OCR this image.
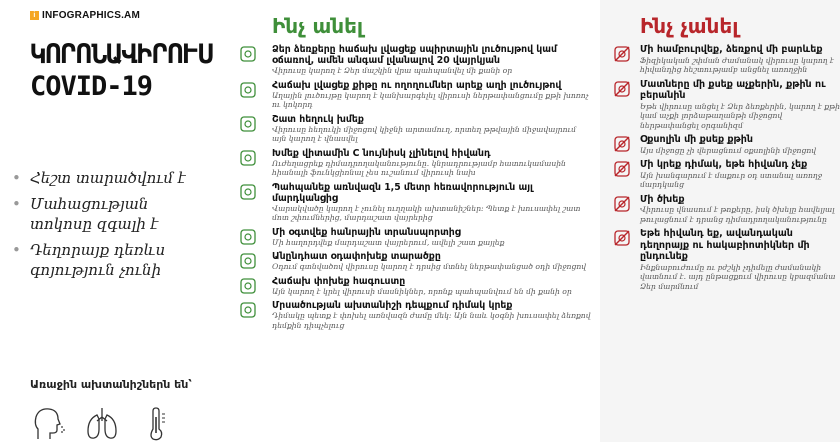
i INFOGRAPHICS.AM
ԿՈՐՈՆԱՎԻՐՈՒՍ
COVID-19
• Հեշտ տարածվում է
• Մահացության տոկոսը զգալի է
• Դեղորայք դեռևս գոյություն չունի
Առաջին ախտանիշներն են՝
Ինչ անել
Ձեր ձեռքերը հաճախ լվացեք սպիրտային լուծույթով կամ օճառով, ամեն անգամ լվանալով 20 վայրկյան
Վիրուսը կարող է Ձեր մաշկին վրա պահպանվել մի քանի օր
Հաճախ լվացեք քիթը ու ողողումներ արեք աղի լուծույթով
Աղային լուծույթը կարող է կանխարգելել վիրուսի ներթափանցումը քթի խոռոչ ու կոկորդ
Շատ հեղուկ խմեք
Վիրուսը հեղուկի միջոցով կիջնի արտամուղ, որտեղ թթվային միջավայրում այն կարող է վնասվել
Խմեք վիտամին C նույնիսկ չլինելով հիվանդ
Ուժեղացրեք դիմադրողականությունը. կնրադրությամբ հատուկամասին հիանալի ֆունկցիոնալ չես ուշանում վիրուսի նախ
Պահպանեք առնվազն 1,5 մետր հեռավորություն այլ մարդկանցից
Վարակվածը կարող է չունել ուղղակի ախտանիշներ: Պետք է խուսափել շատ մոտ շփումներից, մարդաշատ վայրերից
Մի օգտվեք հանրային տրանսպորտից
Մի հաղորդվեք մարդաշատ վայրերում, ավելի շատ քայլեք
Անընդհատ օդափոխեք տարածքը
Օդում գտնվածով վիրուսը կարող է դրսից մտնել ներթափանցած օդի միջոցով
Հաճախ փոխեք հագուստը
Այն կարող է կրել վիրուսի մասնիկներ, որոնք պահպանվում են մի քանի օր
Մրսածության ախտանիշի դեպքում դիմակ կրեք
Դիմակը պետք է փոխել առնվազն ժամը մեկ: Այն նաև կօգնի խուսափել ձեռքով դեմքին դիպչելուց
Ինչ չանել
Մի համբուրվեք, ձեռքով մի բարևեք
Ֆիզիկական շփման ժամանակ վիրուսը կարող է հիվանդից հեշտությամբ անցնել առողջին
Մատները մի քսեք աչքերին, քթին ու բերանին
Եթե վիրուսը անցել է Ձեր ձեռքերին, կարող է քթի կամ աչքի լորձաթաղանթի միջոցով ներթափանցել օրգանիզմ
Օքսոլին մի քսեք քթին
Այս միջոցը չի վերացնում օքսոլինի միջոցով
Մի կրեք դիմակ, եթե հիվանդ չեք
Այն խանգարում է մաքուր օդ ստանալ առողջ մարդկանց
Մի ծխեք
Վիրուսը վնասում է թոքերը, իսկ ծխելը հավելյալ թուլացնում է դրանց դիմադրողականությունը
Եթե հիվանդ եք, ավանդական դեղորայք ու հակաբիոտիկներ մի ընդունեք
Ինքնաբուժումը ու բժշկի չդիմելը ժամանակի վատնում է. այդ ընթացքում վիրուսը կբազմանա Ձեր մարմնում
